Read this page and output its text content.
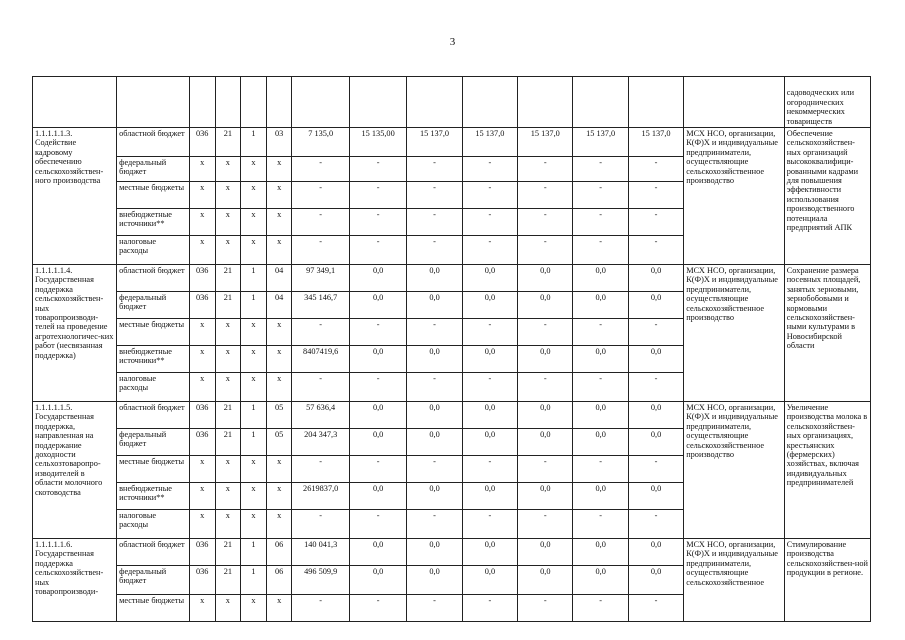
3
														садоводческих или огороднических некоммерческих товариществ
1.1.1.1.1.3. Содействие кадровому обеспечению сельскохозяйствен-ного производства	областной бюджет	036	21	1	03	7 135,0	15 135,00	15 137,0	15 137,0	15 137,0	15 137,0	15 137,0	МСХ НСО, организации, К(Ф)Х и индивидуальные предприниматели, осуществляющие сельскохозяйственное производство	Обеспечение сельскохозяйствен-ных организаций высококвалифици-рованными кадрами для повышения эффективности использования производственного потенциала предприятий АПК
	федеральный бюджет	x	x	x	x	-	-	-	-	-	-	-		
	местные бюджеты	x	x	x	x	-	-	-	-	-	-	-		
	внебюджетные источники**	x	x	x	x	-	-	-	-	-	-	-		
	налоговые расходы	x	x	x	x	-	-	-	-	-	-	-		
1.1.1.1.1.4. Государственная поддержка сельскохозяйствен-ных товаропроизводи-телей на проведение агротехнологичес-ких работ (несвязанная поддержка)	областной бюджет	036	21	1	04	97 349,1	0,0	0,0	0,0	0,0	0,0	0,0	МСХ НСО, организации, К(Ф)Х и индивидуальные предприниматели, осуществляющие сельскохозяйственное производство	Сохранение размера посевных площадей, занятых зерновыми, зернобобовыми и кормовыми сельскохозяйствен-ными культурами в Новосибирской области
	федеральный бюджет	036	21	1	04	345 146,7	0,0	0,0	0,0	0,0	0,0	0,0		
	местные бюджеты	x	x	x	x	-	-	-	-	-	-	-		
	внебюджетные источники**	x	x	x	x	8407419,6	0,0	0,0	0,0	0,0	0,0	0,0		
	налоговые расходы	x	x	x	x	-	-	-	-	-	-	-		
1.1.1.1.1.5. Государственная поддержка, направленная на поддержание доходности сельхозтоваропро-изводителей в области молочного скотоводства	областной бюджет	036	21	1	05	57 636,4	0,0	0,0	0,0	0,0	0,0	0,0	МСХ НСО, организации, К(Ф)Х и индивидуальные предприниматели, осуществляющие сельскохозяйственное производство	Увеличение производства молока в сельскохозяйствен-ных организациях, крестьянских (фермерских) хозяйствах, включая индивидуальных предпринимателей
	федеральный бюджет	036	21	1	05	204 347,3	0,0	0,0	0,0	0,0	0,0	0,0		
	местные бюджеты	x	x	x	x	-	-	-	-	-	-	-		
	внебюджетные источники**	x	x	x	x	2619837,0	0,0	0,0	0,0	0,0	0,0	0,0		
	налоговые расходы	x	x	x	x	-	-	-	-	-	-	-		
1.1.1.1.1.6. Государственная поддержка сельскохозяйствен-ных товаропроизводи-	областной бюджет	036	21	1	06	140 041,3	0,0	0,0	0,0	0,0	0,0	0,0	МСХ НСО, организации, К(Ф)Х и индивидуальные предприниматели, осуществляющие сельскохозяйственное	Стимулирование производства сельскохозяйствен-ной продукции в регионе.
	федеральный бюджет	036	21	1	06	496 509,9	0,0	0,0	0,0	0,0	0,0	0,0		
	местные бюджеты	x	x	x	x	-	-	-	-	-	-	-		
